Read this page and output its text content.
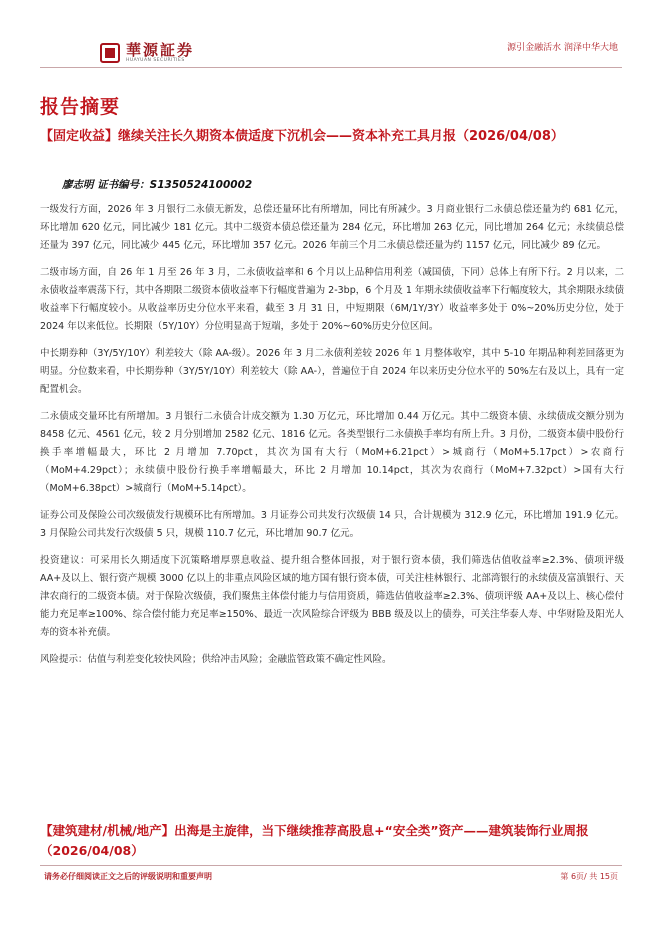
華源証券
HUAYUAN SECURITIES
源引金融活水 润泽中华大地
报告摘要
【固定收益】继续关注长久期资本债适度下沉机会——资本补充工具月报（2026/04/08）
廖志明 证书编号：S1350524100002

一级发行方面，2026 年 3 月银行二永债无新发，总偿还量环比有所增加，同比有所减少。3 月商业银行二永债总偿还量为约 681 亿元，环比增加 620 亿元，同比减少 181 亿元。其中二级资本债总偿还量为 284 亿元，环比增加 263 亿元，同比增加 264 亿元；永续债总偿还量为 397 亿元，同比减少 445 亿元，环比增加 357 亿元。2026 年前三个月二永债总偿还量为约 1157 亿元，同比减少 89 亿元。

二级市场方面，自 26 年 1 月至 26 年 3 月，二永债收益率和 6 个月以上品种信用利差（减国债，下同）总体上有所下行。2 月以来，二永债收益率震荡下行，其中各期限二级资本债收益率下行幅度普遍为 2-3bp，6 个月及 1 年期永续债收益率下行幅度较大，其余期限永续债收益率下行幅度较小。从收益率历史分位水平来看，截至 3 月 31 日，中短期限（6M/1Y/3Y）收益率多处于 0%~20%历史分位，处于 2024 年以来低位。长期限（5Y/10Y）分位明显高于短端，多处于 20%~60%历史分位区间。

中长期券种（3Y/5Y/10Y）利差较大（除 AA-级）。2026 年 3 月二永债利差较 2026 年 1 月整体收窄，其中 5-10 年期品种利差回落更为明显。分位数来看，中长期券种（3Y/5Y/10Y）利差较大（除 AA-），普遍位于自 2024 年以来历史分位水平的 50%左右及以上，具有一定配置机会。

二永债成交量环比有所增加。3 月银行二永债合计成交额为 1.30 万亿元，环比增加 0.44 万亿元。其中二级资本债、永续债成交额分别为 8458 亿元、4561 亿元，较 2 月分别增加 2582 亿元、1816 亿元。各类型银行二永债换手率均有所上升。3 月份，二级资本债中股份行换手率增幅最大，环比 2 月增加 7.70pct，其次为国有大行（MoM+6.21pct）>城商行（MoM+5.17pct）>农商行（MoM+4.29pct）；永续债中股份行换手率增幅最大，环比 2 月增加 10.14pct，其次为农商行（MoM+7.32pct）>国有大行（MoM+6.38pct）>城商行（MoM+5.14pct）。

证券公司及保险公司次级债发行规模环比有所增加。3 月证券公司共发行次级债 14 只，合计规模为 312.9 亿元，环比增加 191.9 亿元。3 月保险公司共发行次级债 5 只，规模 110.7 亿元，环比增加 90.7 亿元。

投资建议：可采用长久期适度下沉策略增厚票息收益、提升组合整体回报，对于银行资本债，我们筛选估值收益率≥2.3%、债项评级 AA+及以上、银行资产规模 3000 亿以上的非重点风险区域的地方国有银行资本债，可关注桂林银行、北部湾银行的永续债及富滇银行、天津农商行的二级资本债。对于保险次级债，我们聚焦主体偿付能力与信用资质，筛选估值收益率≥2.3%、债项评级 AA+及以上、核心偿付能力充足率≥100%、综合偿付能力充足率≥150%、最近一次风险综合评级为 BBB 级及以上的债券，可关注华泰人寿、中华财险及阳光人寿的资本补充债。

风险提示：估值与利差变化较快风险；供给冲击风险；金融监管政策不确定性风险。

【建筑建材/机械/地产】出海是主旋律，当下继续推荐高股息+“安全类”资产——建筑装饰行业周报（2026/04/08）
请务必仔细阅读正文之后的评级说明和重要声明	第 6页/ 共 15页
